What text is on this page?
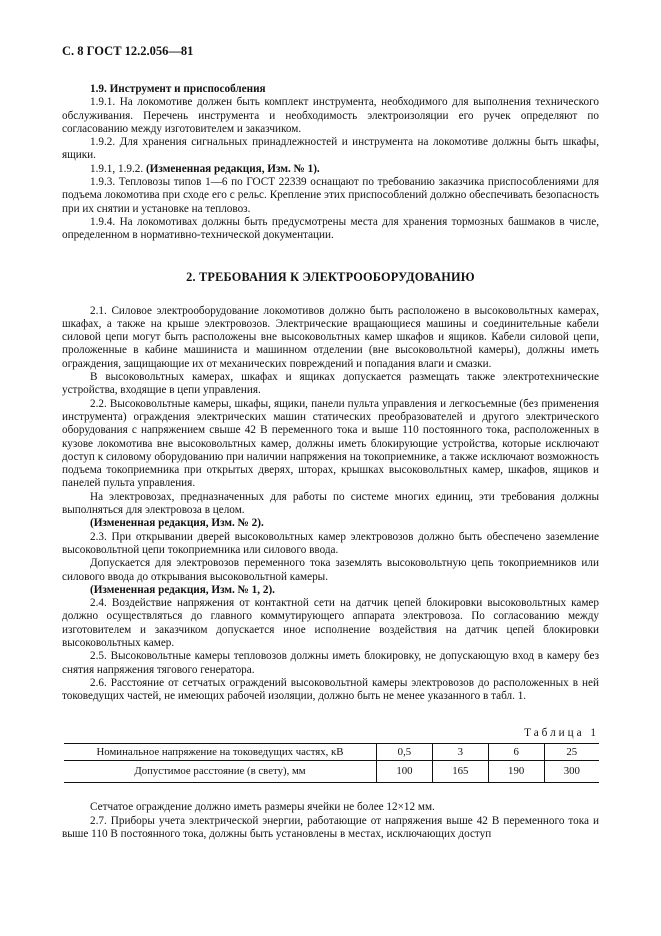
С. 8 ГОСТ 12.2.056—81

1.9. Инструмент и приспособления

1.9.1. На локомотиве должен быть комплект инструмента, необходимого для выполнения технического обслуживания. Перечень инструмента и необходимость электроизоляции его ручек определяют по согласованию между изготовителем и заказчиком.

1.9.2. Для хранения сигнальных принадлежностей и инструмента на локомотиве должны быть шкафы, ящики.

1.9.1, 1.9.2. (Измененная редакция, Изм. № 1).

1.9.3. Тепловозы типов 1—6 по ГОСТ 22339 оснащают по требованию заказчика приспособлениями для подъема локомотива при сходе его с рельс. Крепление этих приспособлений должно обеспечивать безопасность при их снятии и установке на тепловоз.

1.9.4. На локомотивах должны быть предусмотрены места для хранения тормозных башмаков в числе, определенном в нормативно-технической документации.

2. ТРЕБОВАНИЯ К ЭЛЕКТРООБОРУДОВАНИЮ

2.1. Силовое электрооборудование локомотивов должно быть расположено в высоковольтных камерах, шкафах, а также на крыше электровозов. Электрические вращающиеся машины и соединительные кабели силовой цепи могут быть расположены вне высоковольтных камер шкафов и ящиков. Кабели силовой цепи, проложенные в кабине машиниста и машинном отделении (вне высоковольтной камеры), должны иметь ограждения, защищающие их от механических повреждений и попадания влаги и смазки.

В высоковольтных камерах, шкафах и ящиках допускается размещать также электротехнические устройства, входящие в цепи управления.

2.2. Высоковольтные камеры, шкафы, ящики, панели пульта управления и легкосъемные (без применения инструмента) ограждения электрических машин статических преобразователей и другого электрического оборудования с напряжением свыше 42 В переменного тока и выше 110 постоянного тока, расположенных в кузове локомотива вне высоковольтных камер, должны иметь блокирующие устройства, которые исключают доступ к силовому оборудованию при наличии напряжения на токоприемнике, а также исключают возможность подъема токоприемника при открытых дверях, шторах, крышках высоковольтных камер, шкафов, ящиков и панелей пульта управления.

На электровозах, предназначенных для работы по системе многих единиц, эти требования должны выполняться для электровоза в целом.

(Измененная редакция, Изм. № 2).

2.3. При открывании дверей высоковольтных камер электровозов должно быть обеспечено заземление высоковольтной цепи токоприемника или силового ввода.

Допускается для электровозов переменного тока заземлять высоковольтную цепь токоприемников или силового ввода до открывания высоковольтной камеры.

(Измененная редакция, Изм. № 1, 2).

2.4. Воздействие напряжения от контактной сети на датчик цепей блокировки высоковольтных камер должно осуществляться до главного коммутирующего аппарата электровоза. По согласованию между изготовителем и заказчиком допускается иное исполнение воздействия на датчик цепей блокировки высоковольтных камер.

2.5. Высоковольтные камеры тепловозов должны иметь блокировку, не допускающую вход в камеру без снятия напряжения тягового генератора.

2.6. Расстояние от сетчатых ограждений высоковольтной камеры электровозов до расположенных в ней токоведущих частей, не имеющих рабочей изоляции, должно быть не менее указанного в табл. 1.

Таблица 1
Номинальное напряжение на токоведущих частях, кВ	0,5	3	6	25
Допустимое расстояние (в свету), мм	100	165	190	300

Сетчатое ограждение должно иметь размеры ячейки не более 12×12 мм.

2.7. Приборы учета электрической энергии, работающие от напряжения выше 42 В переменного тока и выше 110 В постоянного тока, должны быть установлены в местах, исключающих доступ
